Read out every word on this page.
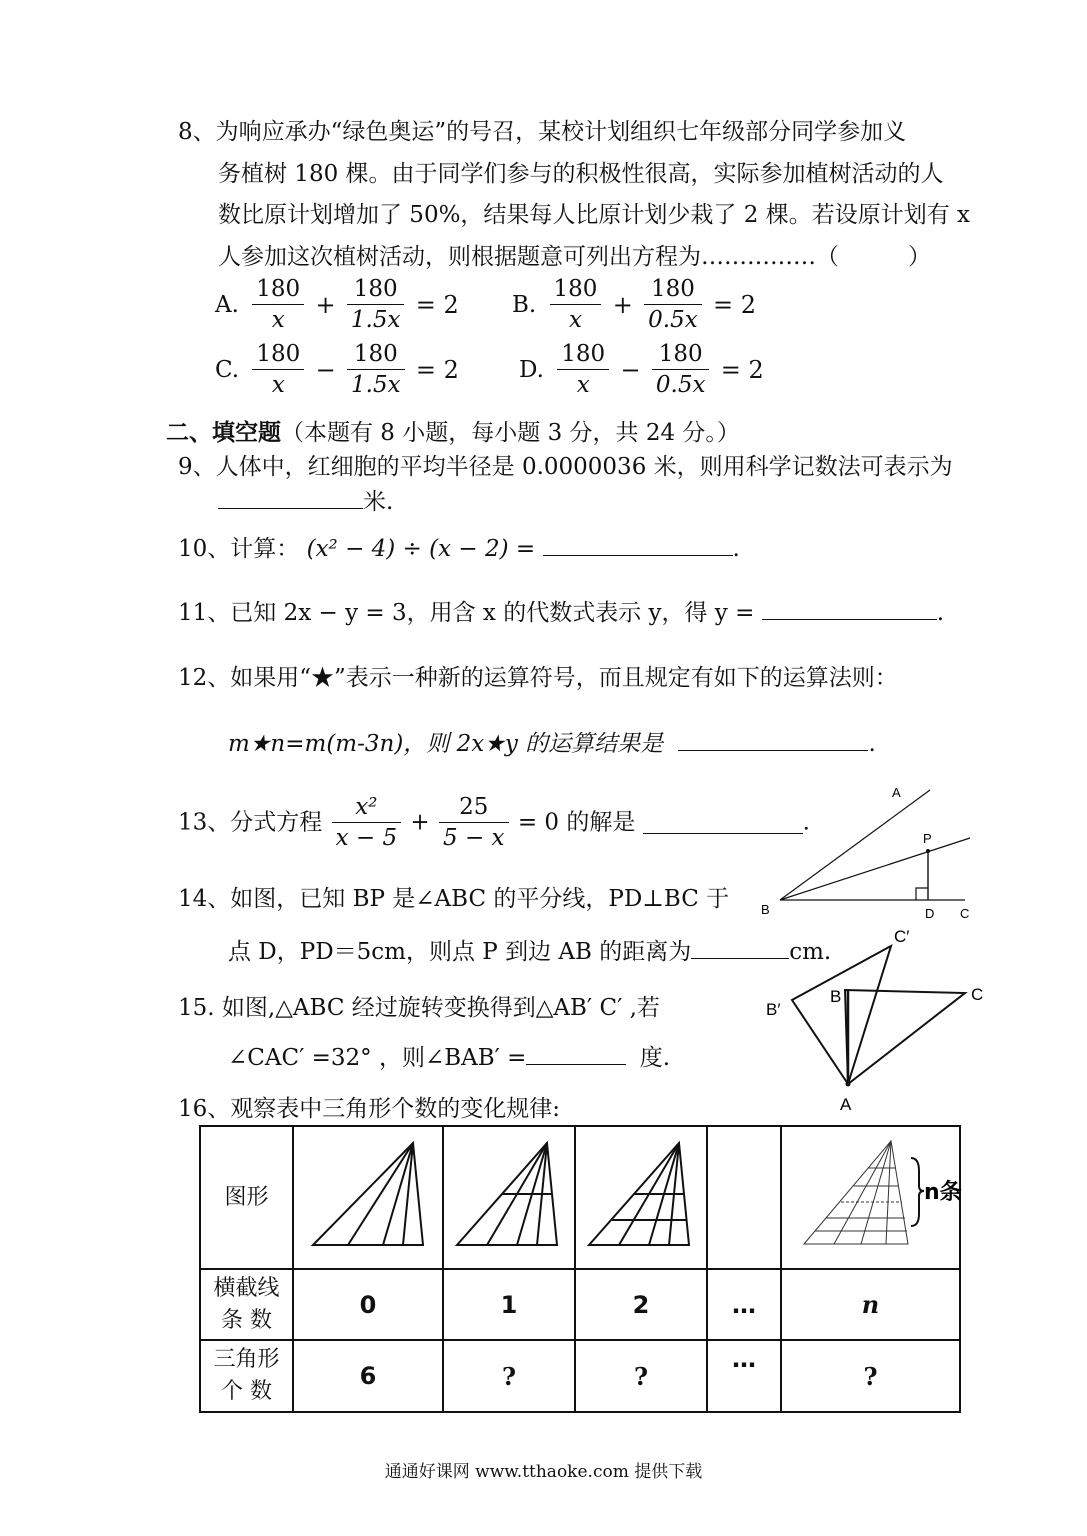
8、为响应承办“绿色奥运”的号召，某校计划组织七年级部分同学参加义
务植树 180 棵。由于同学们参与的积极性很高，实际参加植树活动的人
数比原计划增加了 50%，结果每人比原计划少栽了 2 棵。若设原计划有 x
人参加这次植树活动，则根据题意可列出方程为……………（　　　）
A. $\frac{180}{x} + \frac{180}{1.5x} = 2$ B. $\frac{180}{x} + \frac{180}{0.5x} = 2$
C. $\frac{180}{x} - \frac{180}{1.5x} = 2$	D. $\frac{180}{x} - \frac{180}{0.5x} = 2$
二、填空题（本题有 8 小题，每小题 3 分，共 24 分。）
9、人体中，红细胞的平均半径是 0.0000036 米，则用科学记数法可表示为
米.
10、计算： (x² − 4) ÷ (x − 2) =	.
11、已知 2x − y = 3，用含 x 的代数式表示 y，得 y =	.
12、如果用“★”表示一种新的运算符号，而且规定有如下的运算法则：
m★n=m(m-3n)，则 2x★y 的运算结果是	.
13、分式方程 $\frac{\text{x²}}{x - 5} + \frac{25}{5 - x} = 0$ 的解是	.
14、如图，已知 BP 是∠ABC 的平分线，PD⊥BC 于
点 D，PD＝5cm，则点 P 到边 AB 的距离为	cm.
15. 如图,△ABC 经过旋转变换得到△AB′ C′ ,若
∠CAC′ =32° ，则∠BAB′ =	度.
16、观察表中三角形个数的变化规律:
A
P
B	D C
C′
B′
B	C
A
图形					n条

横截线
条 数	0	1	2	…	n

三角形
个 数	6	?	?	…	?
通通好课网 www.tthaoke.com 提供下载
